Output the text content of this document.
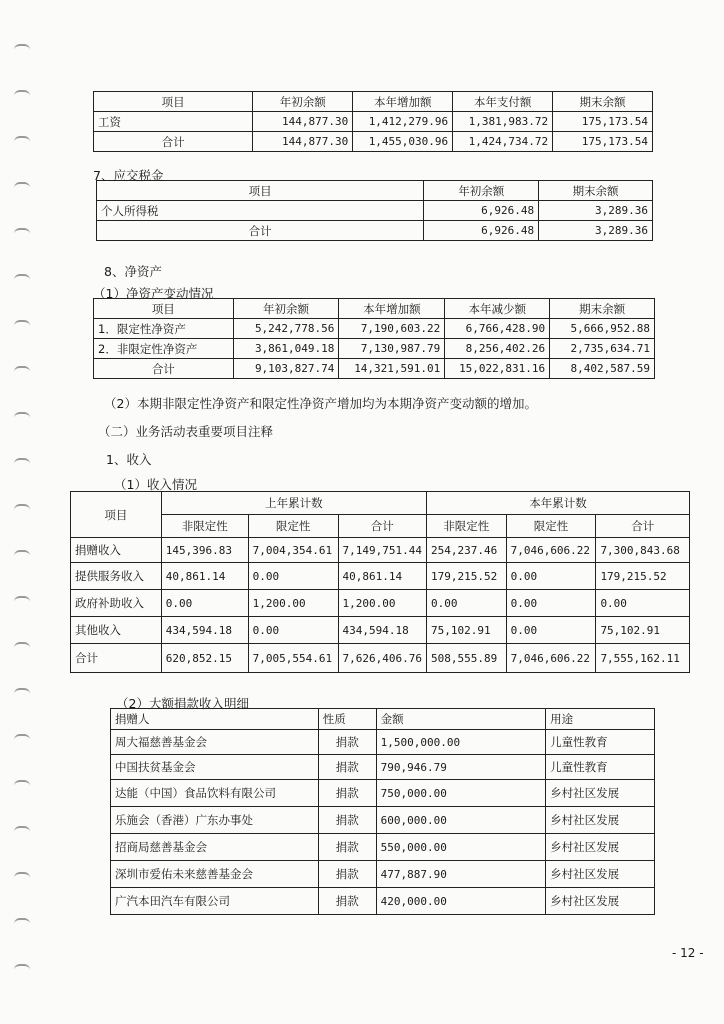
项目	年初余额	本年增加额	本年支付额	期末余额
工资	144,877.30	1,412,279.96	1,381,983.72	175,173.54
合计	144,877.30	1,455,030.96	1,424,734.72	175,173.54
7、应交税金
项目	年初余额	期末余额
个人所得税	6,926.48	3,289.36
合计	6,926.48	3,289.36
8、净资产
（1）净资产变动情况
项目	年初余额	本年增加额	本年减少额	期末余额
1．限定性净资产	5,242,778.56	7,190,603.22	6,766,428.90	5,666,952.88
2．非限定性净资产	3,861,049.18	7,130,987.79	8,256,402.26	2,735,634.71
合计	9,103,827.74	14,321,591.01	15,022,831.16	8,402,587.59
（2）本期非限定性净资产和限定性净资产增加均为本期净资产变动额的增加。
（二）业务活动表重要项目注释
1、收入
（1）收入情况
项目	上年累计数			本年累计数		
	非限定性	限定性	合计	非限定性	限定性	合计
捐赠收入	145,396.83	7,004,354.61	7,149,751.44	254,237.46	7,046,606.22	7,300,843.68
提供服务收入	40,861.14	0.00	40,861.14	179,215.52	0.00	179,215.52
政府补助收入	0.00	1,200.00	1,200.00	0.00	0.00	0.00
其他收入	434,594.18	0.00	434,594.18	75,102.91	0.00	75,102.91
合计	620,852.15	7,005,554.61	7,626,406.76	508,555.89	7,046,606.22	7,555,162.11
（2）大额捐款收入明细
捐赠人	性质	金额	用途
周大福慈善基金会	捐款	1,500,000.00	儿童性教育
中国扶贫基金会	捐款	790,946.79	儿童性教育
达能（中国）食品饮料有限公司	捐款	750,000.00	乡村社区发展
乐施会（香港）广东办事处	捐款	600,000.00	乡村社区发展
招商局慈善基金会	捐款	550,000.00	乡村社区发展
深圳市爱佑未来慈善基金会	捐款	477,887.90	乡村社区发展
广汽本田汽车有限公司	捐款	420,000.00	乡村社区发展
- 12 -
